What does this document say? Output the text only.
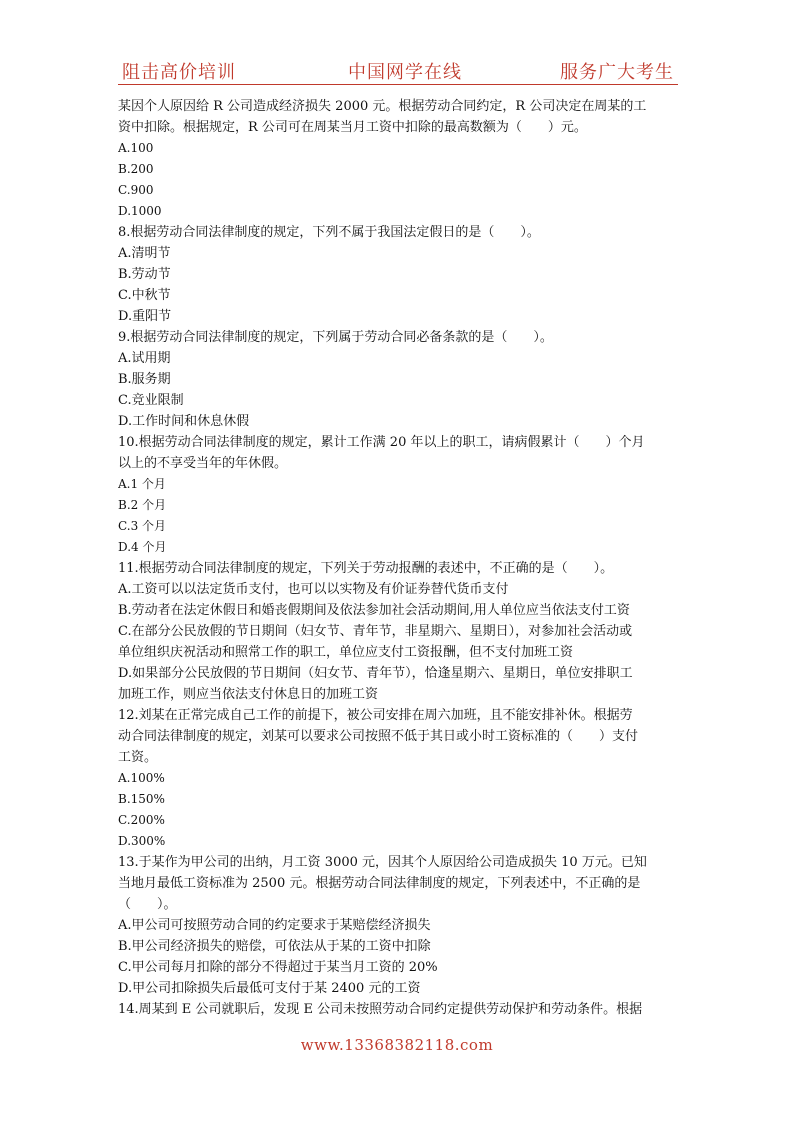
阻击高价培训	中国网学在线	服务广大考生
某因个人原因给 R 公司造成经济损失 2000 元。根据劳动合同约定，R 公司决定在周某的工
资中扣除。根据规定，R 公司可在周某当月工资中扣除的最高数额为（　　）元。
A.100
B.200
C.900
D.1000
8.根据劳动合同法律制度的规定，下列不属于我国法定假日的是（　　）。
A.清明节
B.劳动节
C.中秋节
D.重阳节
9.根据劳动合同法律制度的规定，下列属于劳动合同必备条款的是（　　）。
A.试用期
B.服务期
C.竞业限制
D.工作时间和休息休假
10.根据劳动合同法律制度的规定，累计工作满 20 年以上的职工，请病假累计（　　）个月
以上的不享受当年的年休假。
A.1 个月
B.2 个月
C.3 个月
D.4 个月
11.根据劳动合同法律制度的规定，下列关于劳动报酬的表述中，不正确的是（　　）。
A.工资可以以法定货币支付，也可以以实物及有价证券替代货币支付
B.劳动者在法定休假日和婚丧假期间及依法参加社会活动期间,用人单位应当依法支付工资
C.在部分公民放假的节日期间（妇女节、青年节，非星期六、星期日），对参加社会活动或
单位组织庆祝活动和照常工作的职工，单位应支付工资报酬，但不支付加班工资
D.如果部分公民放假的节日期间（妇女节、青年节），恰逢星期六、星期日，单位安排职工
加班工作，则应当依法支付休息日的加班工资
12.刘某在正常完成自己工作的前提下，被公司安排在周六加班，且不能安排补休。根据劳
动合同法律制度的规定，刘某可以要求公司按照不低于其日或小时工资标准的（　　）支付
工资。
A.100%
B.150%
C.200%
D.300%
13.于某作为甲公司的出纳，月工资 3000 元，因其个人原因给公司造成损失 10 万元。已知
当地月最低工资标准为 2500 元。根据劳动合同法律制度的规定，下列表述中，不正确的是
（　　）。
A.甲公司可按照劳动合同的约定要求于某赔偿经济损失
B.甲公司经济损失的赔偿，可依法从于某的工资中扣除
C.甲公司每月扣除的部分不得超过于某当月工资的 20%
D.甲公司扣除损失后最低可支付于某 2400 元的工资
14.周某到 E 公司就职后，发现 E 公司未按照劳动合同约定提供劳动保护和劳动条件。根据
www.13368382118.com
